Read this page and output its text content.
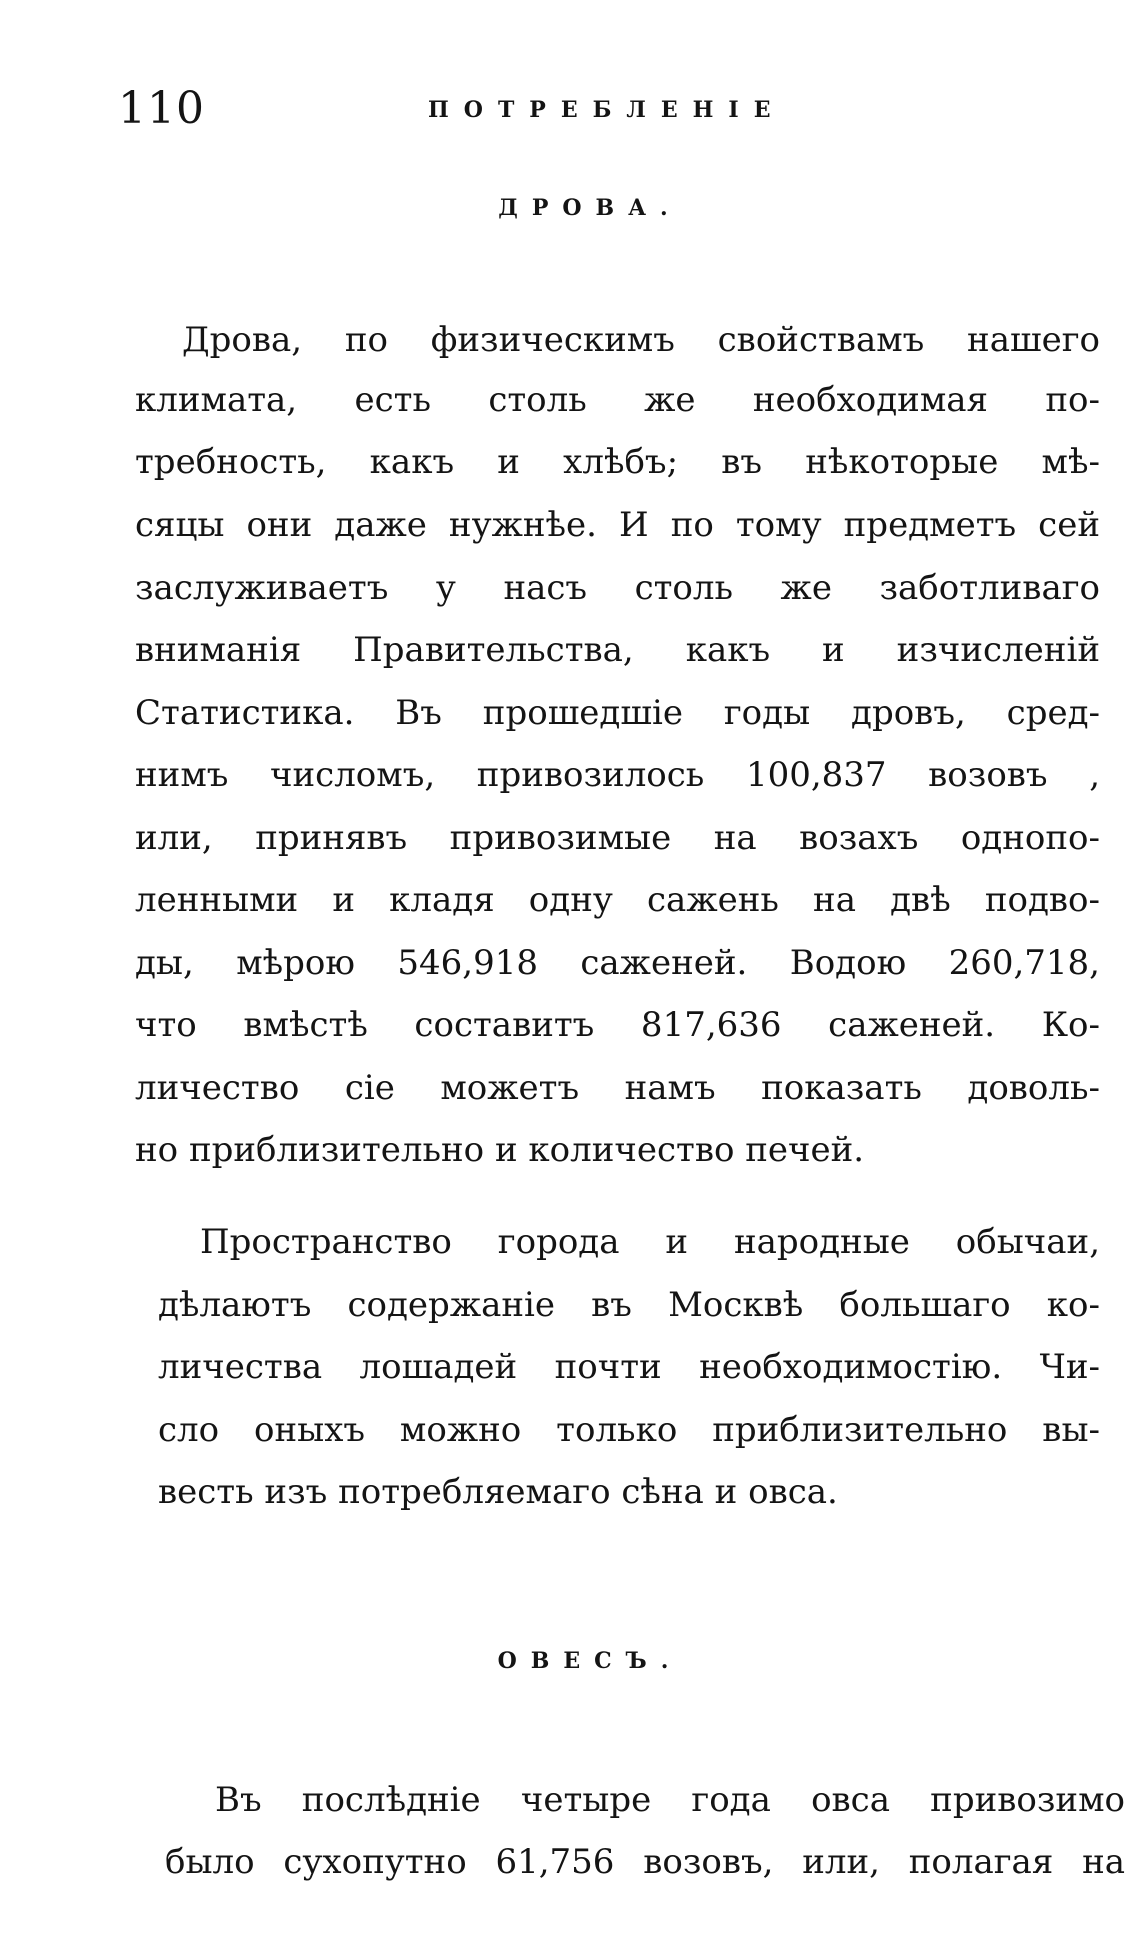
110	ПОТРЕБЛЕНІЕ
ДРОВА.
Дрова, по физическимъ свойствамъ нашего
климата, есть столь же необходимая по-
требность, какъ и хлѣбъ; въ нѣкоторые мѣ-
сяцы они даже нужнѣе. И по тому предметъ сей
заслуживаетъ у насъ столь же заботливаго
вниманія Правительства, какъ и изчисленій
Статистика. Въ прошедшіе годы дровъ, сред-
нимъ числомъ, привозилось 100,837 возовъ ,
или, принявъ привозимые на возахъ однопо-
ленными и кладя одну сажень на двѣ подво-
ды, мѣрою 546,918 саженей. Водою 260,718,
что вмѣстѣ составитъ 817,636 саженей. Ко-
личество сіе можетъ намъ показать доволь-
но приблизительно и количество печей.
Пространство города и народные обычаи,
дѣлаютъ содержаніе въ Москвѣ большаго ко-
личества лошадей почти необходимостію. Чи-
сло оныхъ можно только приблизительно вы-
весть изъ потребляемаго сѣна и овса.
ОВЕСЪ.
Въ послѣдніе четыре года овса привозимо
было сухопутно 61,756 возовъ, или, полагая на
